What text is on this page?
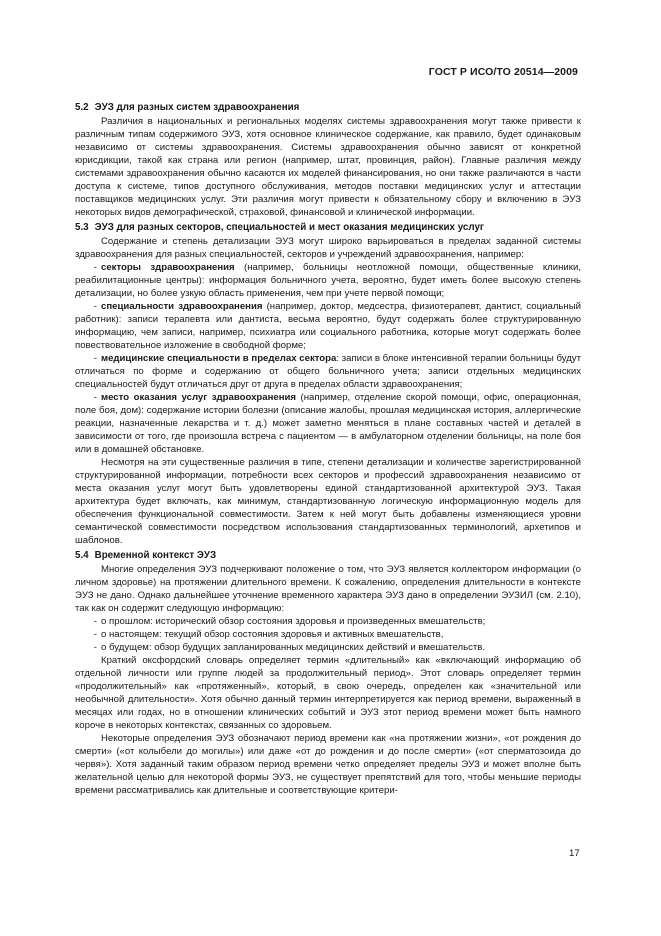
ГОСТ Р ИСО/ТО 20514—2009
5.2 ЭУЗ для разных систем здравоохранения

Различия в национальных и региональных моделях системы здравоохранения могут также привести к различным типам содержимого ЭУЗ, хотя основное клиническое содержание, как правило, будет одинаковым независимо от системы здравоохранения. Системы здравоохранения обычно зависят от конкретной юрисдикции, такой как страна или регион (например, штат, провинция, район). Главные различия между системами здравоохранения обычно касаются их моделей финансирования, но они также различаются в части доступа к системе, типов доступного обслуживания, методов поставки медицинских услуг и аттестации поставщиков медицинских услуг. Эти различия могут привести к обязательному сбору и включению в ЭУЗ некоторых видов демографической, страховой, финансовой и клинической информации.

5.3 ЭУЗ для разных секторов, специальностей и мест оказания медицинских услуг

Содержание и степень детализации ЭУЗ могут широко варьироваться в пределах заданной системы здравоохранения для разных специальностей, секторов и учреждений здравоохранения, например:

- секторы здравоохранения (например, больницы неотложной помощи, общественные клиники, реабилитационные центры): информация больничного учета, вероятно, будет иметь более высокую степень детализации, но более узкую область применения, чем при учете первой помощи;

- специальности здравоохранения (например, доктор, медсестра, физиотерапевт, дантист, социальный работник): записи терапевта или дантиста, весьма вероятно, будут содержать более структурированную информацию, чем записи, например, психиатра или социального работника, которые могут содержать более повествовательное изложение в свободной форме;

- медицинские специальности в пределах сектора: записи в блоке интенсивной терапии больницы будут отличаться по форме и содержанию от общего больничного учета; записи отдельных медицинских специальностей будут отличаться друг от друга в пределах области здравоохранения;

- место оказания услуг здравоохранения (например, отделение скорой помощи, офис, операционная, поле боя, дом): содержание истории болезни (описание жалобы, прошлая медицинская история, аллергические реакции, назначенные лекарства и т. д.) может заметно меняться в плане составных частей и деталей в зависимости от того, где произошла встреча с пациентом — в амбулаторном отделении больницы, на поле боя или в домашней обстановке.

Несмотря на эти существенные различия в типе, степени детализации и количестве зарегистрированной структурированной информации, потребности всех секторов и профессий здравоохранения независимо от места оказания услуг могут быть удовлетворены единой стандартизованной архитектурой ЭУЗ. Такая архитектура будет включать, как минимум, стандартизованную логическую информационную модель для обеспечения функциональной совместимости. Затем к ней могут быть добавлены изменяющиеся уровни семантической совместимости посредством использования стандартизованных терминологий, архетипов и шаблонов.

5.4 Временной контекст ЭУЗ

Многие определения ЭУЗ подчеркивают положение о том, что ЭУЗ является коллектором информации (о личном здоровье) на протяжении длительного времени. К сожалению, определения длительности в контексте ЭУЗ не дано. Однако дальнейшее уточнение временного характера ЭУЗ дано в определении ЭУЗИЛ (см. 2.10), так как он содержит следующую информацию:

- о прошлом: исторический обзор состояния здоровья и произведенных вмешательств;

- о настоящем: текущий обзор состояния здоровья и активных вмешательств,

- о будущем: обзор будущих запланированных медицинских действий и вмешательств.

Краткий оксфордский словарь определяет термин «длительный» как «включающий информацию об отдельной личности или группе людей за продолжительный период». Этот словарь определяет термин «продолжительный» как «протяженный», который, в свою очередь, определен как «значительной или необычной длительности». Хотя обычно данный термин интерпретируется как период времени, выраженный в месяцах или годах, но в отношении клинических событий и ЭУЗ этот период времени может быть намного короче в некоторых контекстах, связанных со здоровьем.

Некоторые определения ЭУЗ обозначают период времени как «на протяжении жизни», «от рождения до смерти» («от колыбели до могилы») или даже «от до рождения и до после смерти» («от сперматозоида до червя»). Хотя заданный таким образом период времени четко определяет пределы ЭУЗ и может вполне быть желательной целью для некоторой формы ЭУЗ, не существует препятствий для того, чтобы меньшие периоды времени рассматривались как длительные и соответствующие критери-

17
